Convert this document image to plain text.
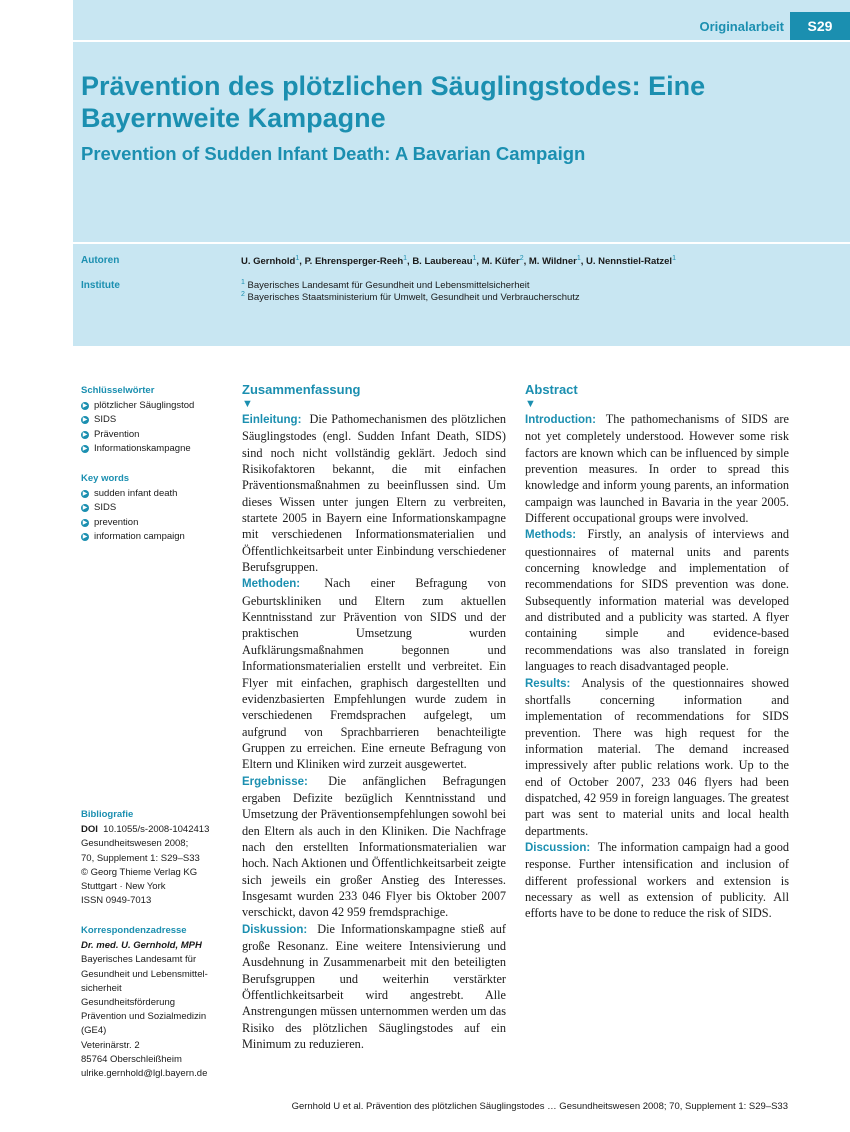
Originalarbeit	S29
Prävention des plötzlichen Säuglingstodes: Eine Bayernweite Kampagne
Prevention of Sudden Infant Death: A Bavarian Campaign
Autoren	U. Gernhold$^1$, P. Ehrensperger-Reeh$^1$, B. Laubereau$^1$, M. Küfer$^2$, M. Wildner$^1$, U. Nennstiel-Ratzel$^1$
Institute	$^1$ Bayerisches Landesamt für Gesundheit und Lebensmittelsicherheit
$^2$ Bayerisches Staatsministerium für Umwelt, Gesundheit und Verbraucherschutz
Schlüsselwörter
▶ plötzlicher Säuglingstod
▶ SIDS
▶ Prävention
▶ Informationskampagne
Key words
▶ sudden infant death
▶ SIDS
▶ prevention
▶ information campaign
Bibliografie
DOI 10.1055/s-2008-1042413
Gesundheitswesen 2008;
70, Supplement 1: S29–S33
© Georg Thieme Verlag KG
Stuttgart · New York
ISSN 0949-7013
Korrespondenzadresse
Dr. med. U. Gernhold, MPH
Bayerisches Landesamt für
Gesundheit und Lebensmittel-
sicherheit
Gesundheitsförderung
Prävention und Sozialmedizin
(GE4)
Veterinärstr. 2
85764 Oberschleißheim
ulrike.gernhold@lgl.bayern.de
Zusammenfassung
▼

Einleitung: Die Pathomechanismen des plötzlichen Säuglingstodes (engl. Sudden Infant Death, SIDS) sind noch nicht vollständig geklärt. Jedoch sind Risikofaktoren bekannt, die mit einfachen Präventionsmaßnahmen zu beeinflussen sind. Um dieses Wissen unter jungen Eltern zu verbreiten, startete 2005 in Bayern eine Informationskampagne mit verschiedenen Informationsmaterialien und Öffentlichkeitsarbeit unter Einbindung verschiedener Berufsgruppen.

Methoden: Nach einer Befragung von Geburtskliniken und Eltern zum aktuellen Kenntnisstand zur Prävention von SIDS und der praktischen Umsetzung wurden Aufklärungsmaßnahmen begonnen und Informationsmaterialien erstellt und verbreitet. Ein Flyer mit einfachen, graphisch dargestellten und evidenzbasierten Empfehlungen wurde zudem in verschiedenen Fremdsprachen aufgelegt, um aufgrund von Sprachbarrieren benachteiligte Gruppen zu erreichen. Eine erneute Befragung von Eltern und Kliniken wird zurzeit ausgewertet.

Ergebnisse: Die anfänglichen Befragungen ergaben Defizite bezüglich Kenntnisstand und Umsetzung der Präventionsempfehlungen sowohl bei den Eltern als auch in den Kliniken. Die Nachfrage nach den erstellten Informationsmaterialien war hoch. Nach Aktionen und Öffentlichkeitsarbeit zeigte sich jeweils ein großer Anstieg des Interesses. Insgesamt wurden 233 046 Flyer bis Oktober 2007 verschickt, davon 42 959 fremdsprachige.

Diskussion: Die Informationskampagne stieß auf große Resonanz. Eine weitere Intensivierung und Ausdehnung in Zusammenarbeit mit den beteiligten Berufsgruppen und weiterhin verstärkter Öffentlichkeitsarbeit wird angestrebt. Alle Anstrengungen müssen unternommen werden um das Risiko des plötzlichen Säuglingstodes auf ein Minimum zu reduzieren.

Abstract
▼

Introduction: The pathomechanisms of SIDS are not yet completely understood. However some risk factors are known which can be influenced by simple prevention measures. In order to spread this knowledge and inform young parents, an information campaign was launched in Bavaria in the year 2005. Different occupational groups were involved.

Methods: Firstly, an analysis of interviews and questionnaires of maternal units and parents concerning knowledge and implementation of recommendations for SIDS prevention was done. Subsequently information material was developed and distributed and a publicity was started. A flyer containing simple and evidence-based recommendations was also translated in foreign languages to reach disadvantaged people.

Results: Analysis of the questionnaires showed shortfalls concerning information and implementation of recommendations for SIDS prevention. There was high request for the information material. The demand increased impressively after public relations work. Up to the end of October 2007, 233 046 flyers had been dispatched, 42 959 in foreign languages. The greatest part was sent to material units and local health departments.

Discussion: The information campaign had a good response. Further intensification and inclusion of different professional workers and extension is necessary as well as extension of publicity. All efforts have to be done to reduce the risk of SIDS.

Gernhold U et al. Prävention des plötzlichen Säuglingstodes … Gesundheitswesen 2008; 70, Supplement 1: S29–S33
